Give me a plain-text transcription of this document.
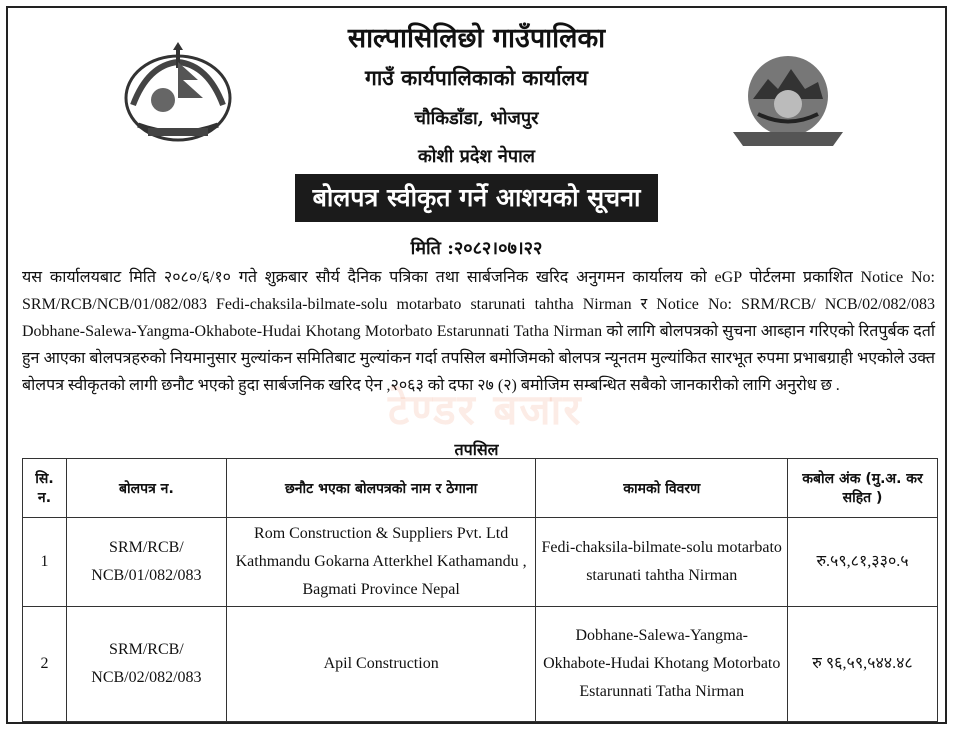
साल्पासिलिछो गाउँपालिका
गाउँ कार्यपालिकाको कार्यालय
चौकिडाँडा, भोजपुर
कोशी प्रदेश नेपाल
बोलपत्र स्वीकृत गर्ने आशयको सूचना
मिति :२०८२।०७।२२
यस कार्यालयबाट मिति २०८०/६/१० गते शुक्रबार सौर्य दैनिक पत्रिका तथा सार्बजनिक खरिद अनुगमन कार्यालय को eGP पोर्टलमा प्रकाशित Notice No: SRM/RCB/NCB/01/082/083 Fedi-chaksila-bilmate-solu motarbato starunati tahtha Nirman र Notice No: SRM/RCB/ NCB/02/082/083 Dobhane-Salewa-Yangma-Okhabote-Hudai Khotang Motorbato Estarunnati Tatha Nirman को लागि बोलपत्रको सुचना आब्हान गरिएको रितपुर्बक दर्ता हुन आएका बोलपत्रहरुको नियमानुसार मुल्यांकन समितिबाट मुल्यांकन गर्दा तपसिल बमोजिमको बोलपत्र न्यूनतम मुल्यांकित सारभूत रुपमा प्रभाबग्राही भएकोले उक्त बोलपत्र स्वीकृतको लागी छनौट भएको हुदा सार्बजनिक खरिद ऐन ,२०६३ को दफा २७ (२) बमोजिम सम्बन्धित सबैको जानकारीको लागि अनुरोध छ .
टेण्डर बजार
तपसिल
सि. न.	बोलपत्र न.	छनौट भएका बोलपत्रको नाम र ठेगाना	कामको विवरण	कबोल अंक (मु.अ. कर सहित )
1	SRM/RCB/ NCB/01/082/083	Rom Construction & Suppliers Pvt. Ltd Kathmandu Gokarna Atterkhel Kathamandu , Bagmati Province Nepal	Fedi-chaksila-bilmate-solu motarbato starunati tahtha Nirman	रु.५९,८१,३३०.५
2	SRM/RCB/ NCB/02/082/083	Apil Construction	Dobhane-Salewa-Yangma- Okhabote-Hudai Khotang Motorbato Estarunnati Tatha Nirman	रु ९६,५९,५४४.४८
